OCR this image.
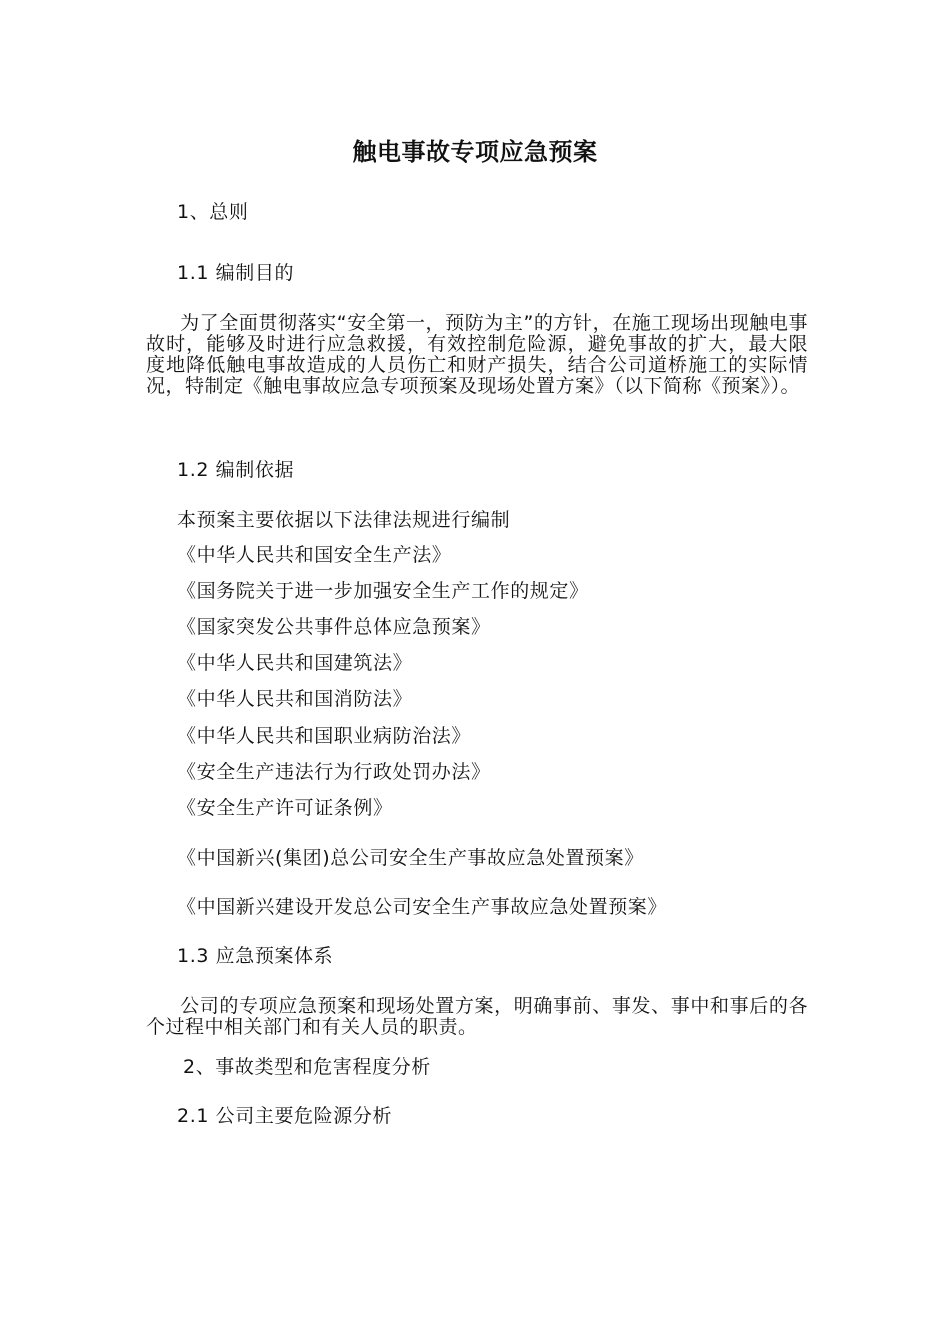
触电事故专项应急预案
1、总则
1.1 编制目的
为了全面贯彻落实“安全第一，预防为主”的方针，在施工现场出现触电事故时，能够及时进行应急救援，有效控制危险源，避免事故的扩大，最大限度地降低触电事故造成的人员伤亡和财产损失，结合公司道桥施工的实际情况，特制定《触电事故应急专项预案及现场处置方案》（以下简称《预案》）。
1.2 编制依据
本预案主要依据以下法律法规进行编制
《中华人民共和国安全生产法》
《国务院关于进一步加强安全生产工作的规定》
《国家突发公共事件总体应急预案》
《中华人民共和国建筑法》
《中华人民共和国消防法》
《中华人民共和国职业病防治法》
《安全生产违法行为行政处罚办法》
《安全生产许可证条例》
《中国新兴(集团)总公司安全生产事故应急处置预案》
《中国新兴建设开发总公司安全生产事故应急处置预案》
1.3 应急预案体系
公司的专项应急预案和现场处置方案，明确事前、事发、事中和事后的各个过程中相关部门和有关人员的职责。
2、事故类型和危害程度分析
2.1 公司主要危险源分析
